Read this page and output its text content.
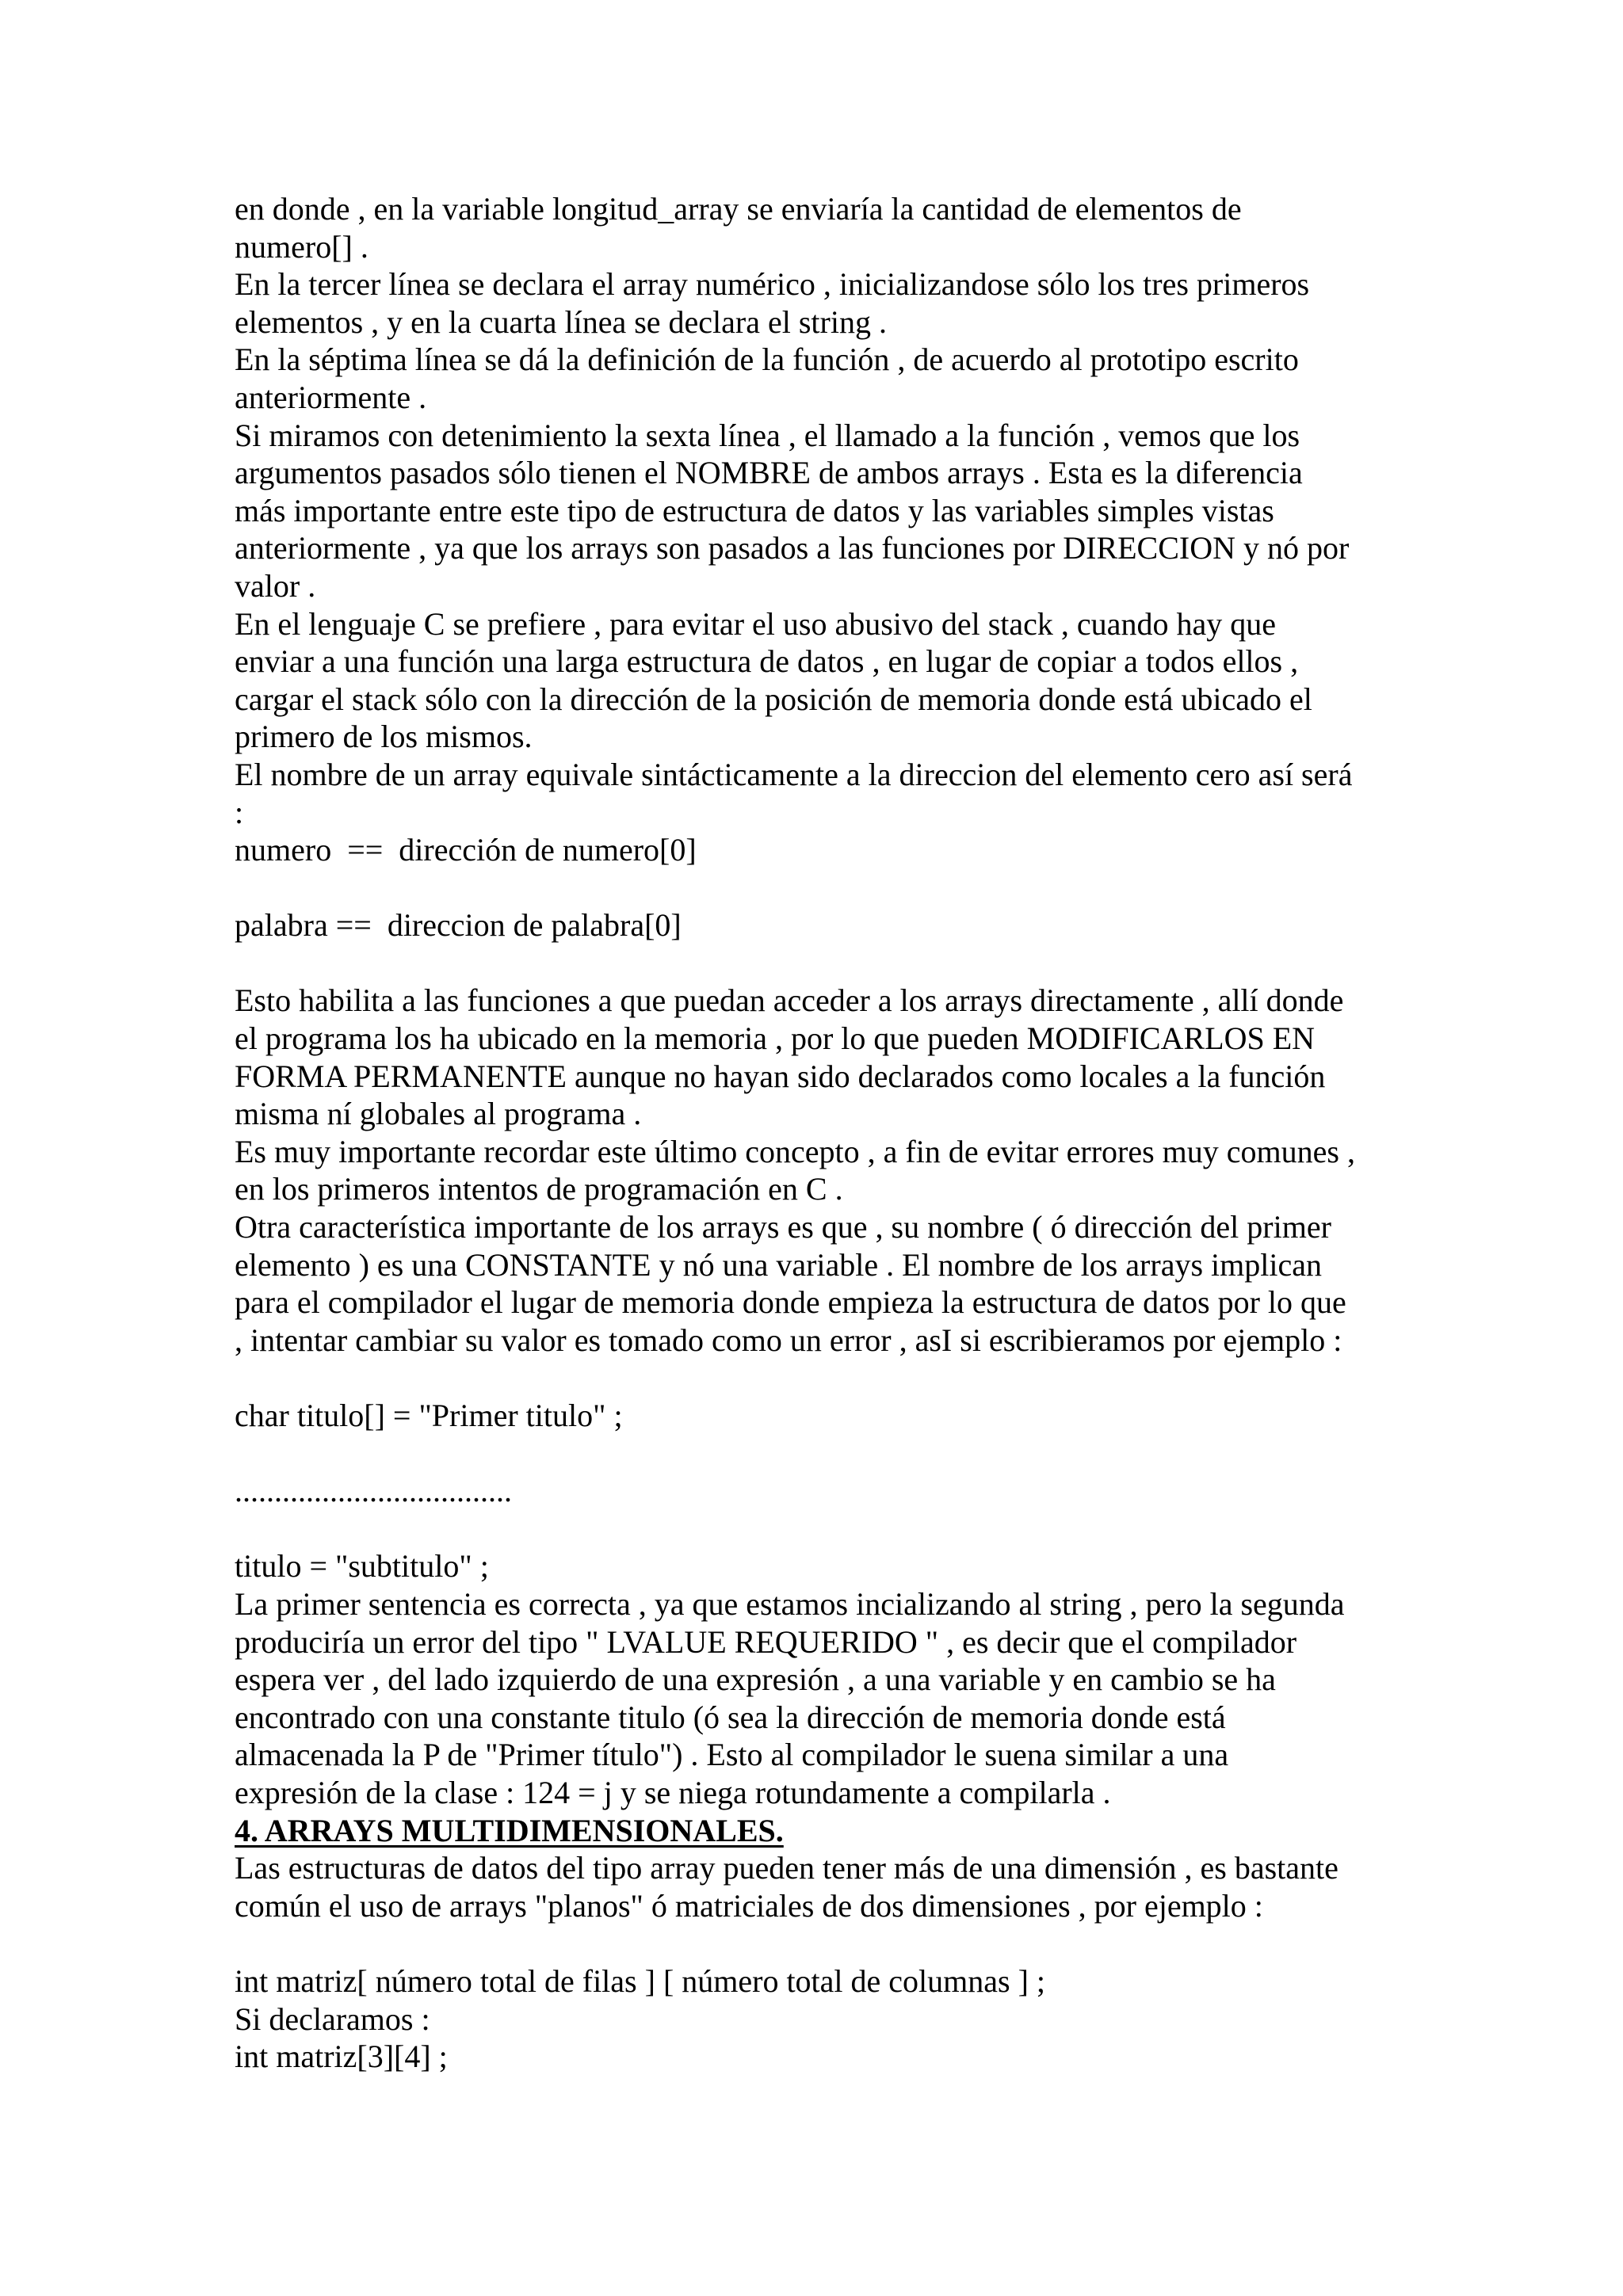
en donde , en la variable longitud_array se enviaría la cantidad de elementos de
numero[] .
En la tercer línea se declara el array numérico , inicializandose sólo los tres primeros
elementos , y en la cuarta línea se declara el string .
En la séptima línea se dá la definición de la función , de acuerdo al prototipo escrito
anteriormente .
Si miramos con detenimiento la sexta línea , el llamado a la función , vemos que los
argumentos pasados sólo tienen el NOMBRE de ambos arrays . Esta es la diferencia
más importante entre este tipo de estructura de datos y las variables simples vistas
anteriormente , ya que los arrays son pasados a las funciones por DIRECCION y nó por
valor .
En el lenguaje C se prefiere , para evitar el uso abusivo del stack , cuando hay que
enviar a una función una larga estructura de datos , en lugar de copiar a todos ellos ,
cargar el stack sólo con la dirección de la posición de memoria donde está ubicado el
primero de los mismos.
El nombre de un array equivale sintácticamente a la direccion del elemento cero así será
:
numero  ==  dirección de numero[0]
palabra ==  direccion de palabra[0]
Esto habilita a las funciones a que puedan acceder a los arrays directamente , allí donde
el programa los ha ubicado en la memoria , por lo que pueden MODIFICARLOS EN
FORMA PERMANENTE aunque no hayan sido declarados como locales a la función
misma ní globales al programa .
Es muy importante recordar este último concepto , a fin de evitar errores muy comunes ,
en los primeros intentos de programación en C .
Otra característica importante de los arrays es que , su nombre ( ó dirección del primer
elemento ) es una CONSTANTE y nó una variable . El nombre de los arrays implican
para el compilador el lugar de memoria donde empieza la estructura de datos por lo que
, intentar cambiar su valor es tomado como un error , asI si escribieramos por ejemplo :
char titulo[] = "Primer titulo" ;
...................................
titulo = "subtitulo" ;
La primer sentencia es correcta , ya que estamos incializando al string , pero la segunda
produciría un error del tipo " LVALUE REQUERIDO " , es decir que el compilador
espera ver , del lado izquierdo de una expresión , a una variable y en cambio se ha
encontrado con una constante titulo (ó sea la dirección de memoria donde está
almacenada la P de "Primer título") . Esto al compilador le suena similar a una
expresión de la clase : 124 = j y se niega rotundamente a compilarla .
4. ARRAYS MULTIDIMENSIONALES.
Las estructuras de datos del tipo array pueden tener más de una dimensión , es bastante
común el uso de arrays "planos" ó matriciales de dos dimensiones , por ejemplo :
int matriz[ número total de filas ] [ número total de columnas ] ;
Si declaramos :
int matriz[3][4] ;
